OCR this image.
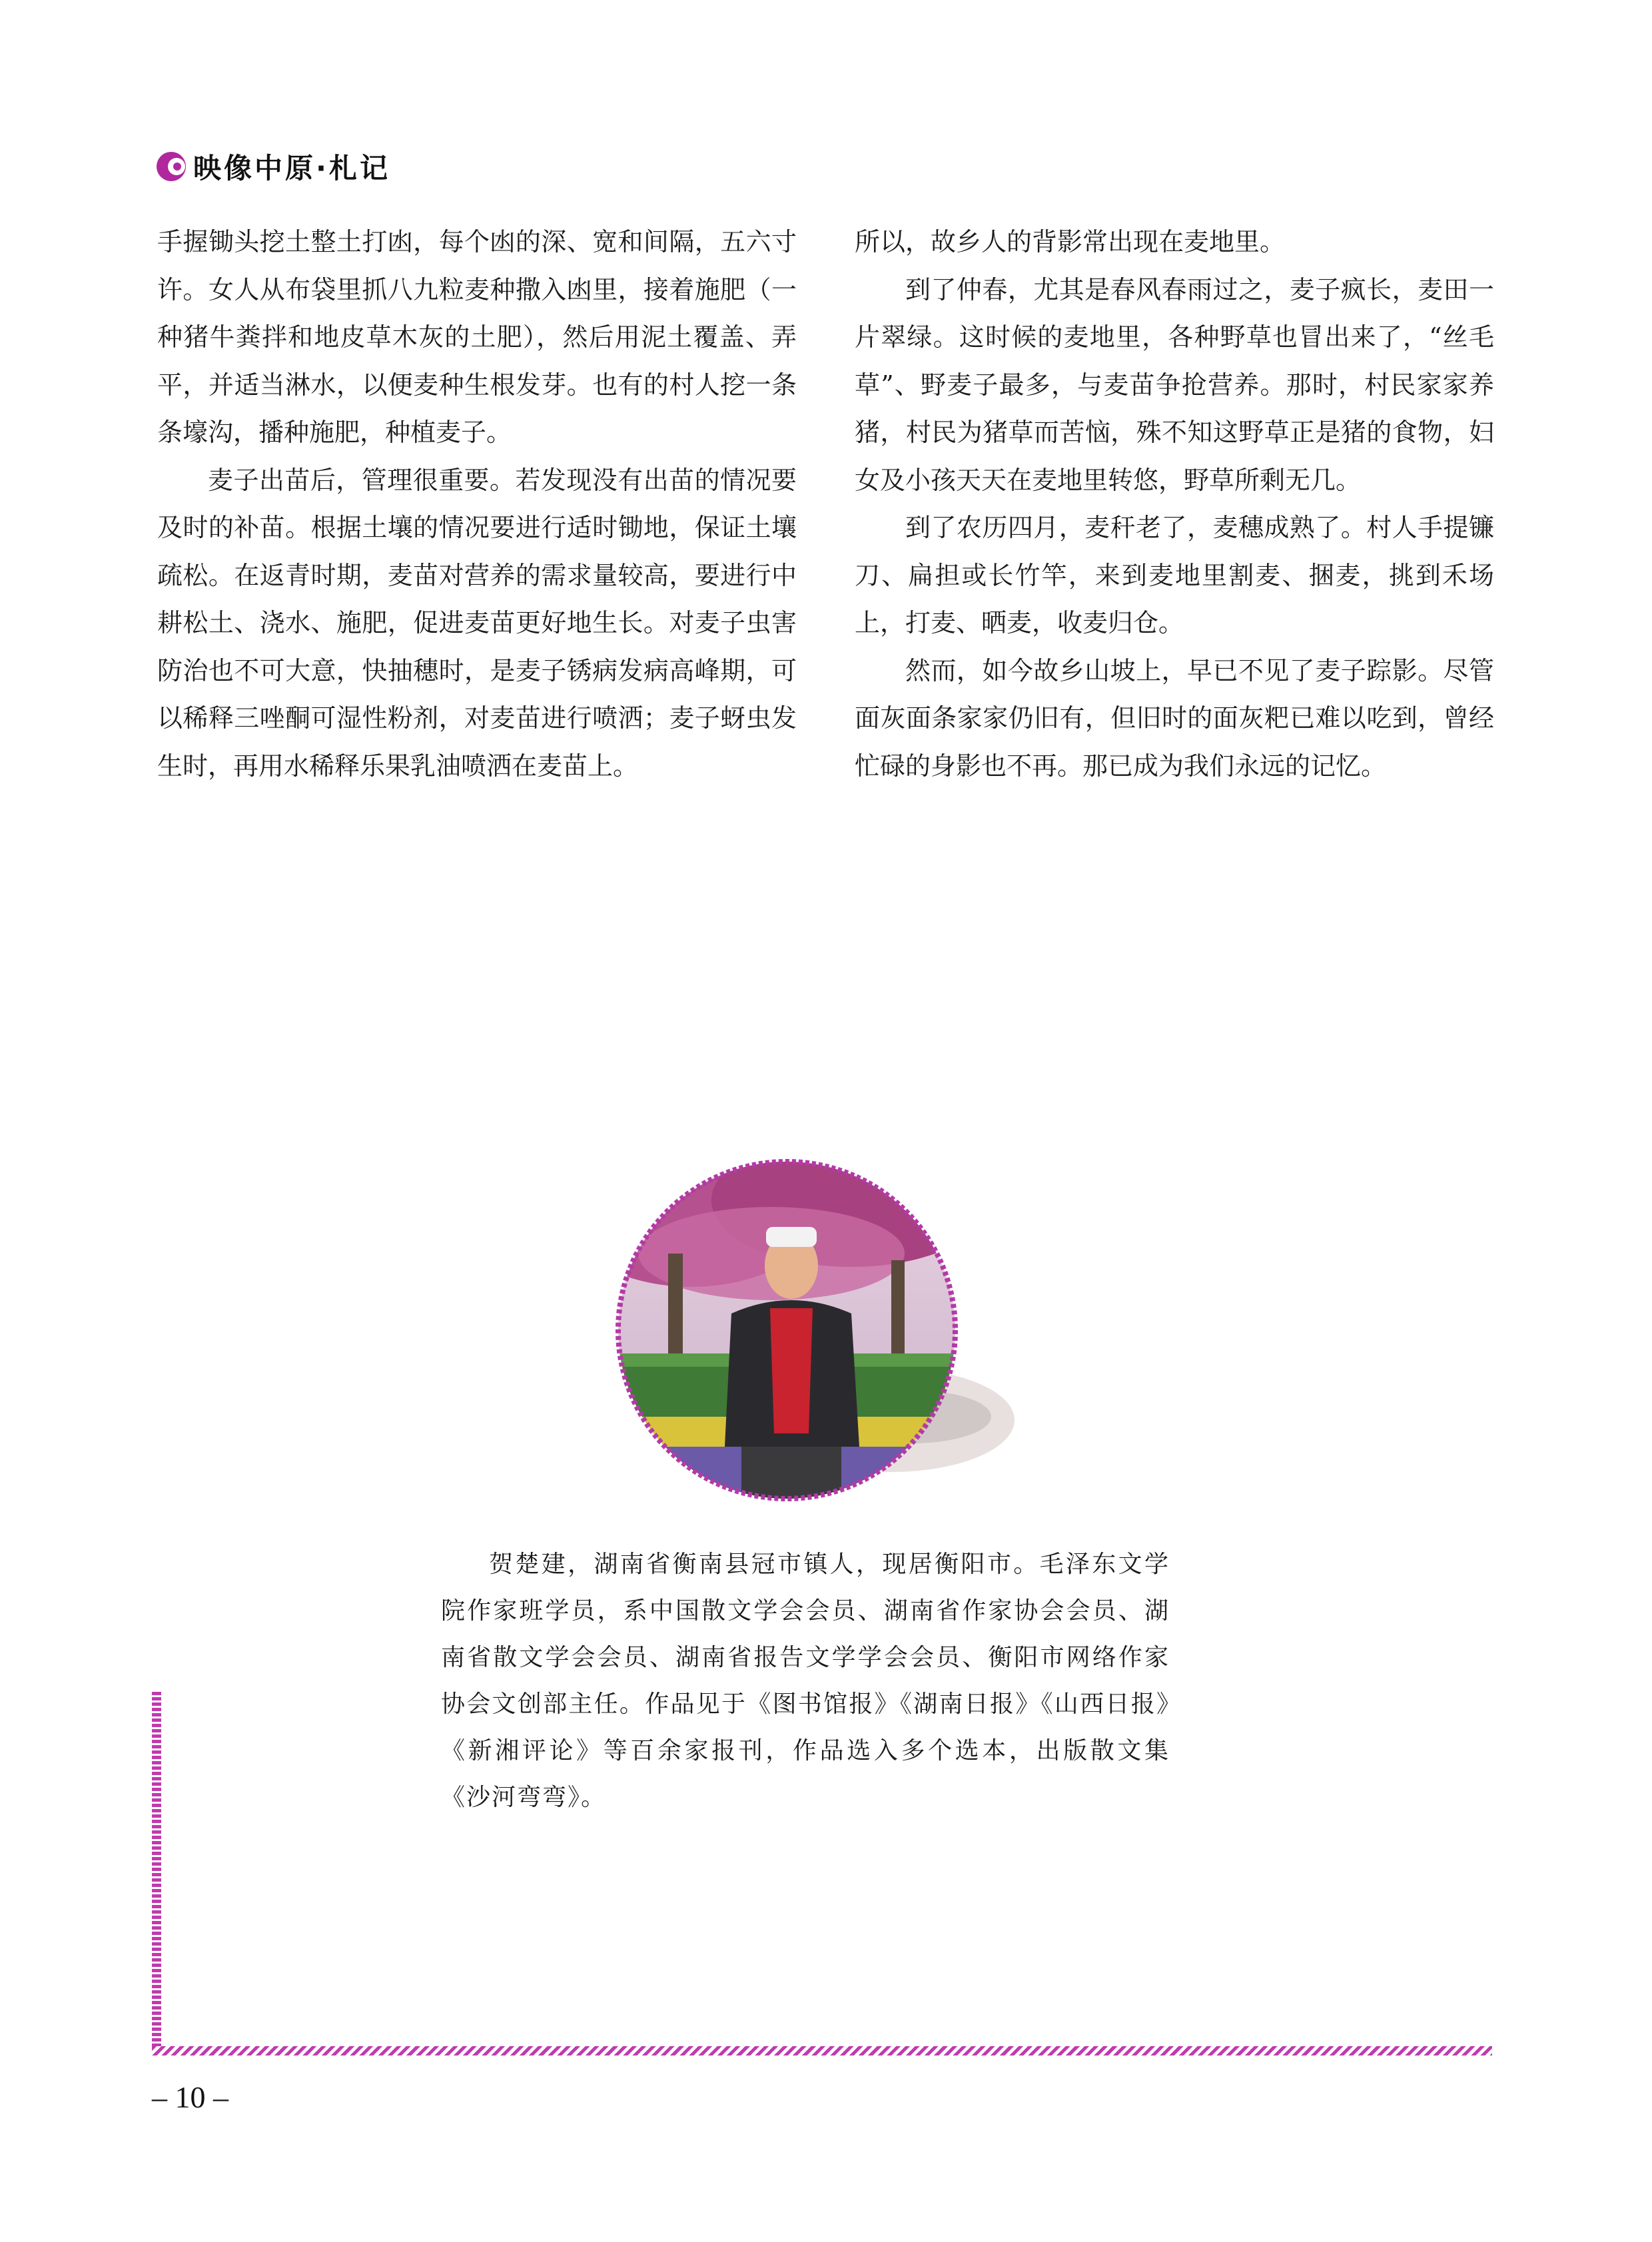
映像中原·札记

手握锄头挖土整土打凼，每个凼的深、宽和间隔，五六寸许。女人从布袋里抓八九粒麦种撒入凼里，接着施肥（一种猪牛粪拌和地皮草木灰的土肥），然后用泥土覆盖、弄平，并适当淋水，以便麦种生根发芽。也有的村人挖一条条壕沟，播种施肥，种植麦子。

麦子出苗后，管理很重要。若发现没有出苗的情况要及时的补苗。根据土壤的情况要进行适时锄地，保证土壤疏松。在返青时期，麦苗对营养的需求量较高，要进行中耕松土、浇水、施肥，促进麦苗更好地生长。对麦子虫害防治也不可大意，快抽穗时，是麦子锈病发病高峰期，可以稀释三唑酮可湿性粉剂，对麦苗进行喷洒；麦子蚜虫发生时，再用水稀释乐果乳油喷洒在麦苗上。

所以，故乡人的背影常出现在麦地里。

到了仲春，尤其是春风春雨过之，麦子疯长，麦田一片翠绿。这时候的麦地里，各种野草也冒出来了，“丝毛草”、野麦子最多，与麦苗争抢营养。那时，村民家家养猪，村民为猪草而苦恼，殊不知这野草正是猪的食物，妇女及小孩天天在麦地里转悠，野草所剩无几。

到了农历四月，麦秆老了，麦穗成熟了。村人手提镰刀、扁担或长竹竿，来到麦地里割麦、捆麦，挑到禾场上，打麦、晒麦，收麦归仓。

然而，如今故乡山坡上，早已不见了麦子踪影。尽管面灰面条家家仍旧有，但旧时的面灰粑已难以吃到，曾经忙碌的身影也不再。那已成为我们永远的记忆。

贺楚建，湖南省衡南县冠市镇人，现居衡阳市。毛泽东文学院作家班学员，系中国散文学会会员、湖南省作家协会会员、湖南省散文学会会员、湖南省报告文学学会会员、衡阳市网络作家协会文创部主任。作品见于《图书馆报》《湖南日报》《山西日报》《新湘评论》等百余家报刊，作品选入多个选本，出版散文集《沙河弯弯》。

– 10 –
